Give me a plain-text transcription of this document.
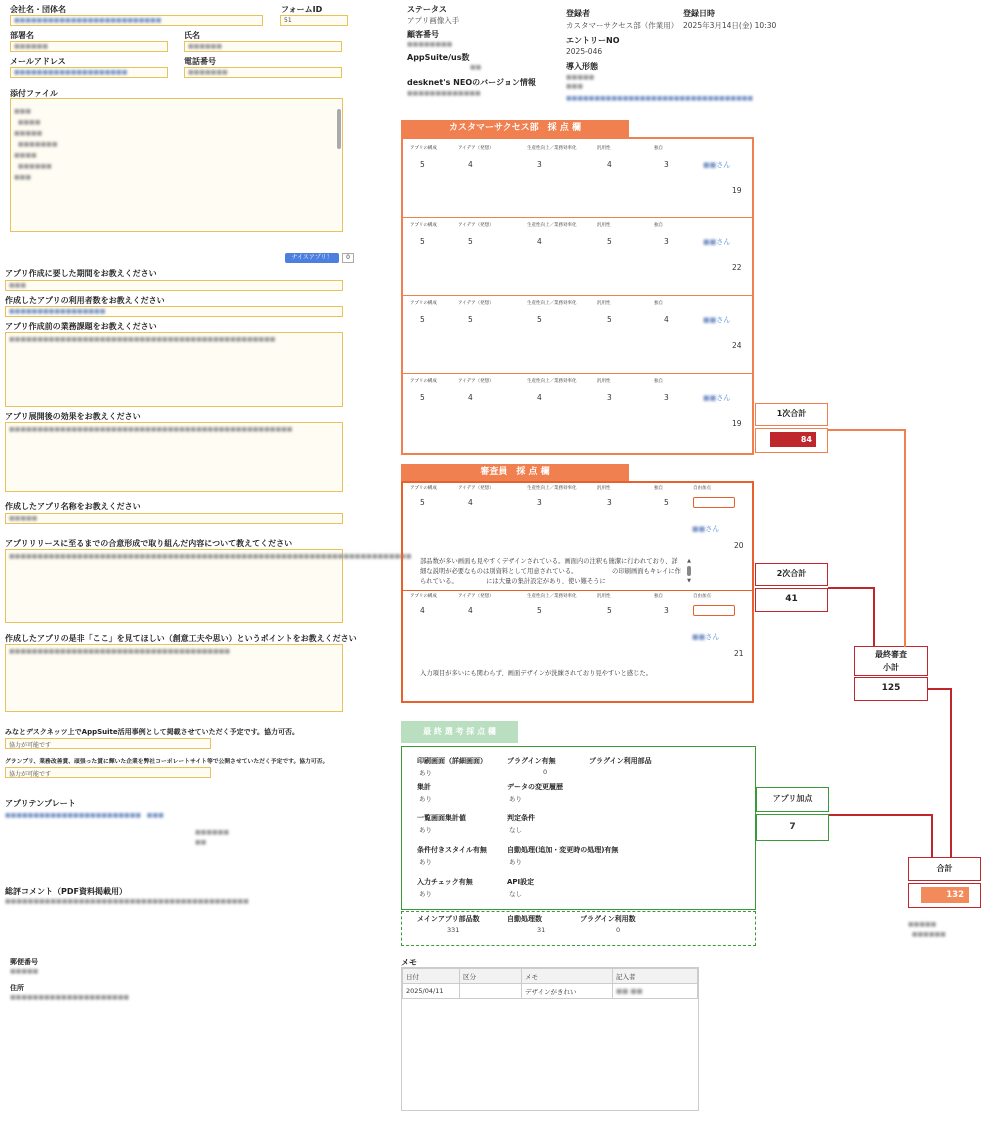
会社名・団体名
■■■■■■■■■■■■■■■■■■■■■■■■■■
フォームID
51
部署名
■■■■■■
氏名
■■■■■■
メールアドレス
■■■■■■■■■■■■■■■■■■■■
電話番号
■■■■■■■
添付ファイル
■■■
■■■■
■■■■■
■■■■■■■
■■■■
■■■■■■
■■■
ナイスアプリ！	0
アプリ作成に要した期間をお教えください
■■■
作成したアプリの利用者数をお教えください
■■■■■■■■■■■■■■■■■
アプリ作成前の業務課題をお教えください
■■■■■■■■■■■■■■■■■■■■■■■■■■■■■■■■■■■■■■■■■■■■■■■
アプリ展開後の効果をお教えください
■■■■■■■■■■■■■■■■■■■■■■■■■■■■■■■■■■■■■■■■■■■■■■■■■■
作成したアプリ名称をお教えください
■■■■■
アプリリリースに至るまでの合意形成で取り組んだ内容について教えてください
■■■■■■■■■■■■■■■■■■■■■■■■■■■■■■■■■■■■■■■■■■■■■■■■■■■■■■■■■■■■■■■■■■■■■■■
作成したアプリの是非「ここ」を見てほしい（創意工夫や思い）というポイントをお教えください
■■■■■■■■■■■■■■■■■■■■■■■■■■■■■■■■■■■■■■■
みなとデスクネッツ上でAppSuite活用事例として掲載させていただく予定です。協力可否。
協力が可能です
グランプリ、業務改善賞、頑張った賞に輝いた企業を弊社コーポレートサイト等で公開させていただく予定です。協力可否。
協力が可能です
アプリテンプレート
■■■■■■■■■■■■■■■■■■■■■■■■   ■■■
■■■■■■
■■
総評コメント（PDF資料掲載用）
■■■■■■■■■■■■■■■■■■■■■■■■■■■■■■■■■■■■■■■■■■■
郵便番号
■■■■■
住所
■■■■■■■■■■■■■■■■■■■■■
ステータス
アプリ画像入手
登録者
カスタマーサクセス部（作業用）
登録日時
2025年3月14日(金) 10:30
顧客番号
■■■■■■■■	エントリーNO
2025-046
AppSuite/us数
■■	導入形態
■■■■■
■■■
■■■■■■■■■■■■■■■■■■■■■■■■■■■■■■■■■
desknet's NEOのバージョン情報
■■■■■■■■■■■■■
カスタマーサクセス部　採 点 欄
アプリの構成	アイデア（発想）	生産性向上／業務効率化	汎用性	独自
5	4	3	4	3	■■さん
19
アプリの構成	アイデア（発想）	生産性向上／業務効率化	汎用性	独自
5	5	4	5	3	■■さん
22
アプリの構成	アイデア（発想）	生産性向上／業務効率化	汎用性	独自
5	5	5	5	4	■■さん
24
アプリの構成	アイデア（発想）	生産性向上／業務効率化	汎用性	独自
5	4	4	3	3	■■さん
19
1次合計
84
審査員　採 点 欄
アプリの構成	アイデア（発想）	生産性向上／業務効率化	汎用性	独自	自由加点
5	4	3	3	5
■■さん
20
部品数が多い画面も見やすくデザインされている。画面内の注釈も簡潔に行われており、詳細な説明が必要なものは別資料として用意されている。　　　　　　の印刷画面もキレイに作られている。　　　　　には大量の集計設定があり、使い難そうに
▲
▼
アプリの構成	アイデア（発想）	生産性向上／業務効率化	汎用性	独自	自由加点
4	4	5	5	3
■■さん
21
入力項目が多いにも関わらず、画面デザインが洗練されており見やすいと感じた。
2次合計
41
最終審査
小計
125
最 終 選 考 採 点 欄
印刷画面（詳細画面）
あり
プラグイン有無
0
プラグイン利用部品
集計
あり
データの変更履歴
あり
一覧画面集計値
あり
判定条件
なし
条件付きスタイル有無
あり
自動処理(追加・変更時の処理)有無
あり
入力チェック有無
あり
API設定
なし
メインアプリ部品数
331
自動処理数
31
プラグイン利用数
0
アプリ加点
7
合計
132
■■■■■
■■■■■■
メモ
日付	区分	メモ	記入者
2025/04/11		デザインがきれい	■■ ■■
